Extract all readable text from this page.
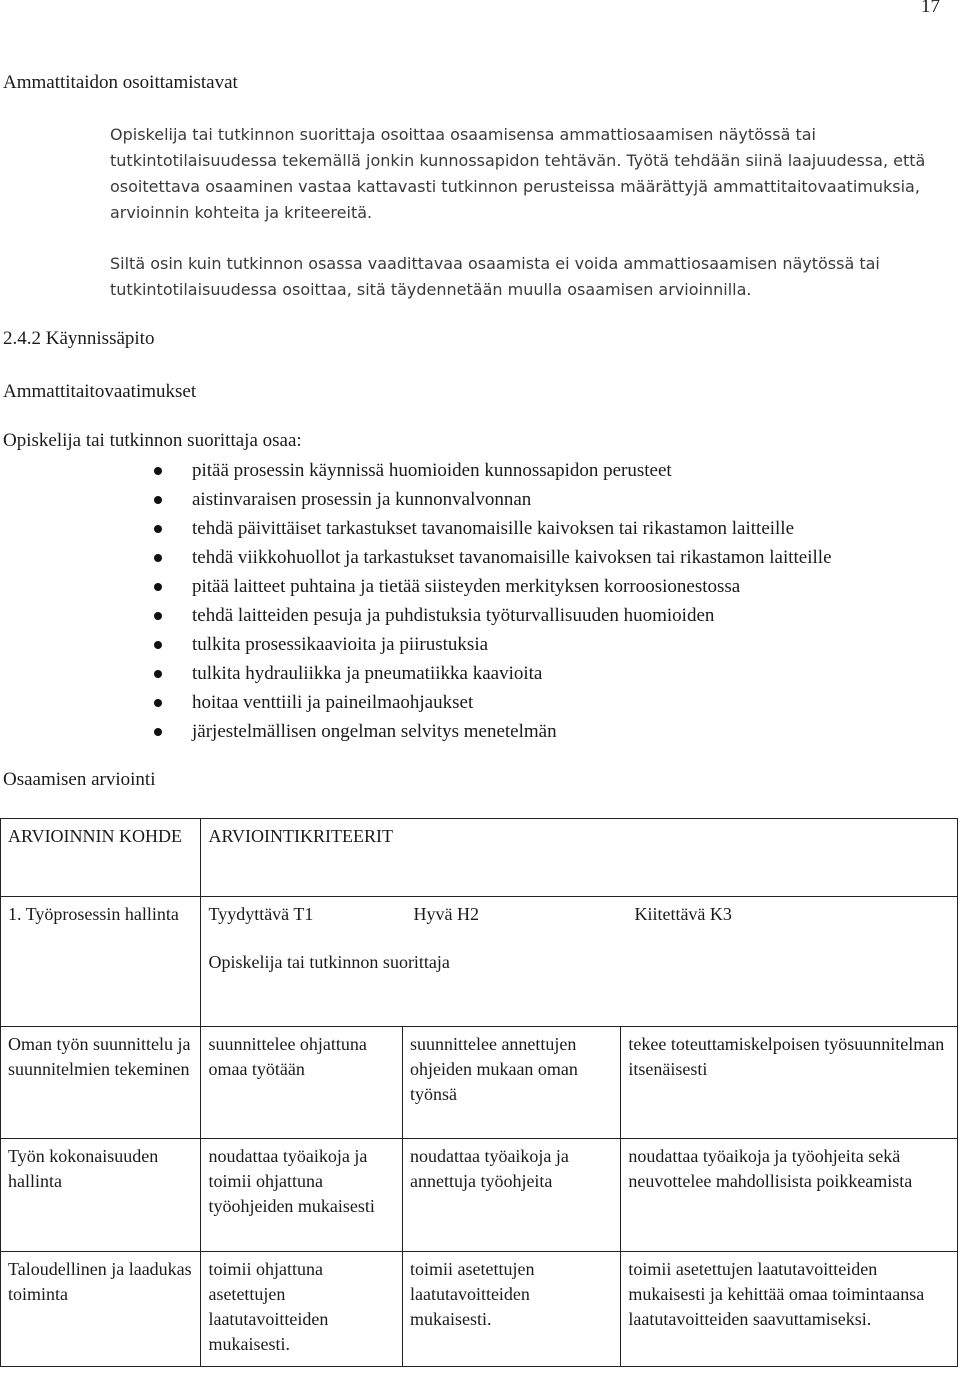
17
Ammattitaidon osoittamistavat
Opiskelija tai tutkinnon suorittaja osoittaa osaamisensa ammattiosaamisen näytössä tai tutkintotilaisuudessa tekemällä jonkin kunnossapidon tehtävän. Työtä tehdään siinä laajuudessa, että osoitettava osaaminen vastaa kattavasti tutkinnon perusteissa määrättyjä ammattitaitovaatimuksia, arvioinnin kohteita ja kriteereitä.
Siltä osin kuin tutkinnon osassa vaadittavaa osaamista ei voida ammattiosaamisen näytössä tai tutkintotilaisuudessa osoittaa, sitä täydennetään muulla osaamisen arvioinnilla.
2.4.2 Käynnissäpito
Ammattitaitovaatimukset
Opiskelija tai tutkinnon suorittaja osaa:
pitää prosessin käynnissä huomioiden kunnossapidon perusteet
aistinvaraisen prosessin ja kunnonvalvonnan
tehdä päivittäiset tarkastukset tavanomaisille kaivoksen tai rikastamon laitteille
tehdä viikkohuollot ja tarkastukset tavanomaisille kaivoksen tai rikastamon laitteille
pitää laitteet puhtaina ja tietää siisteyden merkityksen korroosionestossa
tehdä laitteiden pesuja ja puhdistuksia työturvallisuuden huomioiden
tulkita prosessikaavioita ja piirustuksia
tulkita hydrauliikka ja pneumatiikka kaavioita
hoitaa venttiili ja paineilmaohjaukset
järjestelmällisen ongelman selvitys menetelmän
Osaamisen arviointi
ARVIOINNIN KOHDE	ARVIOINTIKRITEERIT		
1. Työprosessin hallinta	Tyydyttävä T1 Hyvä H2 Kiitettävä K3
Opiskelija tai tutkinnon suorittaja		

Oman työn suunnittelu ja suunnitelmien tekeminen	suunnittelee ohjattuna omaa työtään	suunnittelee annettujen ohjeiden mukaan oman työnsä	tekee toteuttamiskelpoisen työsuunnitelman itsenäisesti
Työn kokonaisuuden hallinta	noudattaa työaikoja ja toimii ohjattuna työohjeiden mukaisesti	noudattaa työaikoja ja annettuja työohjeita	noudattaa työaikoja ja työohjeita sekä neuvottelee mahdollisista poikkeamista
Taloudellinen ja laadukas toiminta	toimii ohjattuna asetettujen laatutavoitteiden mukaisesti.	toimii asetettujen laatutavoitteiden mukaisesti.	toimii asetettujen laatutavoitteiden mukaisesti ja kehittää omaa toimintaansa laatutavoitteiden saavuttamiseksi.
